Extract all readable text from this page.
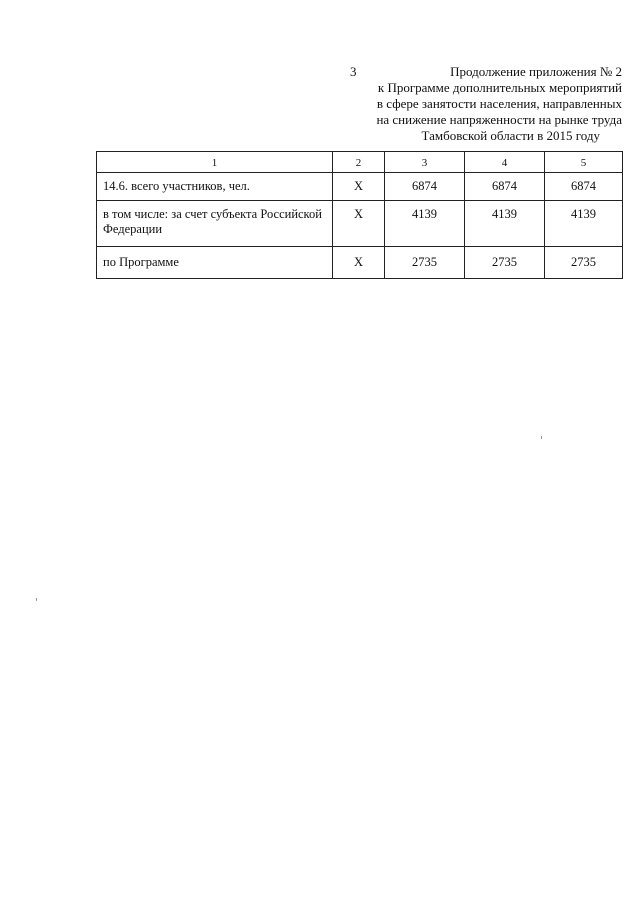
3	Продолжение приложения № 2
к Программе дополнительных мероприятий
в сфере занятости населения, направленных
на снижение напряженности на рынке труда
Тамбовской области в 2015 году
1	2	3	4	5
14.6. всего участников, чел.	Х	6874	6874	6874
в том числе: за счет субъекта Российской Федерации	Х	4139	4139	4139
по Программе	Х	2735	2735	2735
